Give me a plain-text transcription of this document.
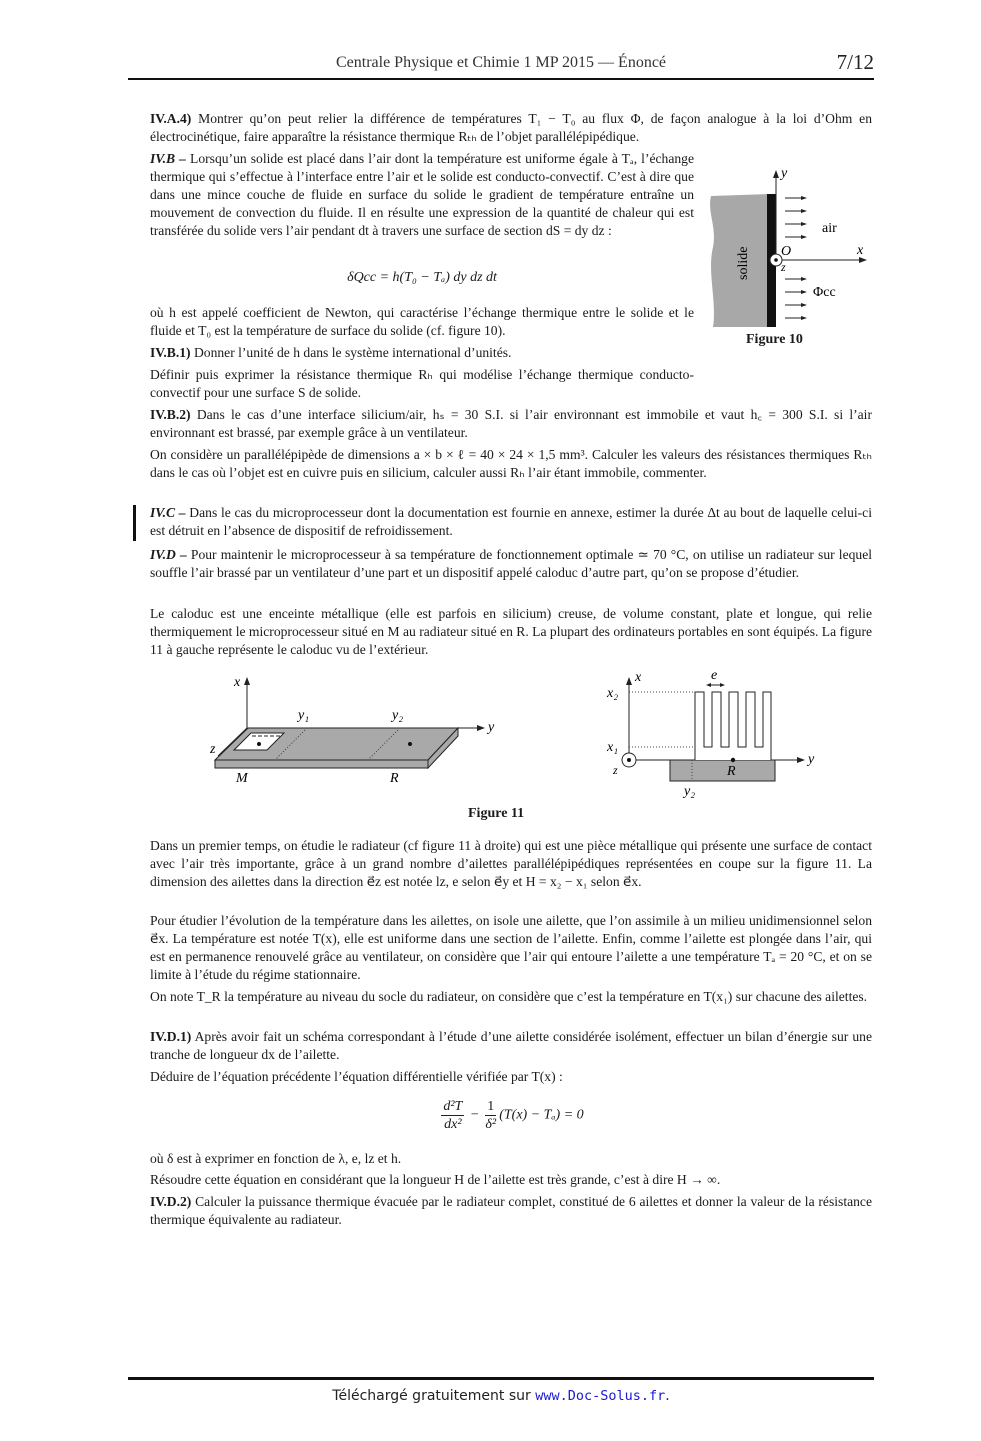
Centrale Physique et Chimie 1 MP 2015 — Énoncé	7/12
IV.A.4) Montrer qu’on peut relier la différence de températures T₁ − T₀ au flux Φ, de façon analogue à la loi d’Ohm en électrocinétique, faire apparaître la résistance thermique Rₜₕ de l’objet parallélépipédique.
IV.B – Lorsqu’un solide est placé dans l’air dont la température est uniforme égale à Tₐ, l’échange thermique qui s’effectue à l’interface entre l’air et le solide est conducto-convectif. C’est à dire que dans une mince couche de fluide en surface du solide le gradient de température entraîne un mouvement de convection du fluide. Il en résulte une expression de la quantité de chaleur qui est transférée du solide vers l’air pendant dt à travers une surface de section dS = dy dz :
δQcc = h(T₀ − Tₐ) dy dz dt
où h est appelé coefficient de Newton, qui caractérise l’échange thermique entre le solide et le fluide et T₀ est la température de surface du solide (cf. figure 10).
IV.B.1) Donner l’unité de h dans le système international d’unités.
Définir puis exprimer la résistance thermique Rₕ qui modélise l’échange thermique conducto-convectif pour une surface S de solide.
y
x
O
z
air
Φcc
solide
Figure 10
IV.B.2) Dans le cas d’une interface silicium/air, hₛ = 30 S.I. si l’air environnant est immobile et vaut h꜀ = 300 S.I. si l’air environnant est brassé, par exemple grâce à un ventilateur.
On considère un parallélépipède de dimensions a × b × ℓ = 40 × 24 × 1,5 mm³. Calculer les valeurs des résistances thermiques Rₜₕ dans le cas où l’objet est en cuivre puis en silicium, calculer aussi Rₕ l’air étant immobile, commenter.
IV.C – Dans le cas du microprocesseur dont la documentation est fournie en annexe, estimer la durée Δt au bout de laquelle celui-ci est détruit en l’absence de dispositif de refroidissement.
IV.D – Pour maintenir le microprocesseur à sa température de fonctionnement optimale ≃ 70 °C, on utilise un radiateur sur lequel souffle l’air brassé par un ventilateur d’une part et un dispositif appelé caloduc d’autre part, qu’on se propose d’étudier.
Le caloduc est une enceinte métallique (elle est parfois en silicium) creuse, de volume constant, plate et longue, qui relie thermiquement le microprocesseur situé en M au radiateur situé en R. La plupart des ordinateurs portables en sont équipés. La figure 11 à gauche représente le caloduc vu de l’extérieur.
x
y
z
y₁	y₂
M	R
x
y
z
x₂
x₁
y₂
e
R
Figure 11
Dans un premier temps, on étudie le radiateur (cf figure 11 à droite) qui est une pièce métallique qui présente une surface de contact avec l’air très importante, grâce à un grand nombre d’ailettes parallélépipédiques représentées en coupe sur la figure 11. La dimension des ailettes dans la direction e⃗z est notée lz, e selon e⃗y et H = x₂ − x₁ selon e⃗x.
Pour étudier l’évolution de la température dans les ailettes, on isole une ailette, que l’on assimile à un milieu unidimensionnel selon e⃗x. La température est notée T(x), elle est uniforme dans une section de l’ailette. Enfin, comme l’ailette est plongée dans l’air, qui est en permanence renouvelé grâce au ventilateur, on considère que l’air qui entoure l’ailette a une température Tₐ = 20 °C, et on se limite à l’étude du régime stationnaire.
On note T_R la température au niveau du socle du radiateur, on considère que c’est la température en T(x₁) sur chacune des ailettes.
IV.D.1) Après avoir fait un schéma correspondant à l’étude d’une ailette considérée isolément, effectuer un bilan d’énergie sur une tranche de longueur dx de l’ailette.
Déduire de l’équation précédente l’équation différentielle vérifiée par T(x) :
$\frac{\text{d²T}}{\text{dx²}} - \frac{1}{\text{δ²}} (T(x) - T_a) = 0$
où δ est à exprimer en fonction de λ, e, lz et h.
Résoudre cette équation en considérant que la longueur H de l’ailette est très grande, c’est à dire H → ∞.
IV.D.2) Calculer la puissance thermique évacuée par le radiateur complet, constitué de 6 ailettes et donner la valeur de la résistance thermique équivalente au radiateur.
Téléchargé gratuitement sur www.Doc-Solus.fr.
